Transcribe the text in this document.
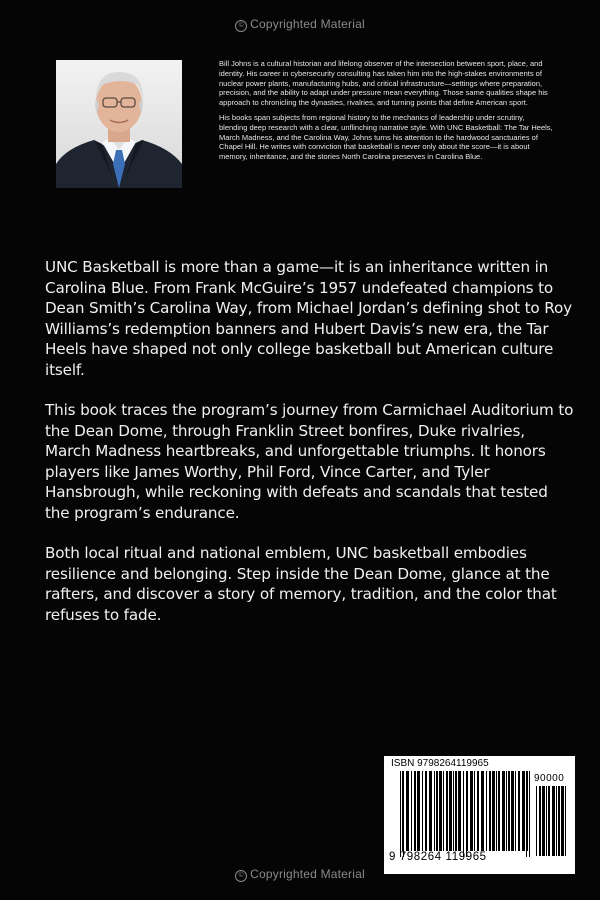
© Copyrighted Material

Bill Johns is a cultural historian and lifelong observer of the intersection between sport, place, and identity. His career in cybersecurity consulting has taken him into the high-stakes environments of nuclear power plants, manufacturing hubs, and critical infrastructure—settings where preparation, precision, and the ability to adapt under pressure mean everything. Those same qualities shape his approach to chronicling the dynasties, rivalries, and turning points that define American sport.

His books span subjects from regional history to the mechanics of leadership under scrutiny, blending deep research with a clear, unflinching narrative style. With UNC Basketball: The Tar Heels, March Madness, and the Carolina Way, Johns turns his attention to the hardwood sanctuaries of Chapel Hill. He writes with conviction that basketball is never only about the score—it is about memory, inheritance, and the stories North Carolina preserves in Carolina Blue.

UNC Basketball is more than a game—it is an inheritance written in Carolina Blue. From Frank McGuire’s 1957 undefeated champions to Dean Smith’s Carolina Way, from Michael Jordan’s defining shot to Roy Williams’s redemption banners and Hubert Davis’s new era, the Tar Heels have shaped not only college basketball but American culture itself.

This book traces the program’s journey from Carmichael Auditorium to the Dean Dome, through Franklin Street bonfires, Duke rivalries, March Madness heartbreaks, and unforgettable triumphs. It honors players like James Worthy, Phil Ford, Vince Carter, and Tyler Hansbrough, while reckoning with defeats and scandals that tested the program’s endurance.

Both local ritual and national emblem, UNC basketball embodies resilience and belonging. Step inside the Dean Dome, glance at the rafters, and discover a story of memory, tradition, and the color that refuses to fade.

ISBN 9798264119965
90000
9 798264 119965
© Copyrighted Material
